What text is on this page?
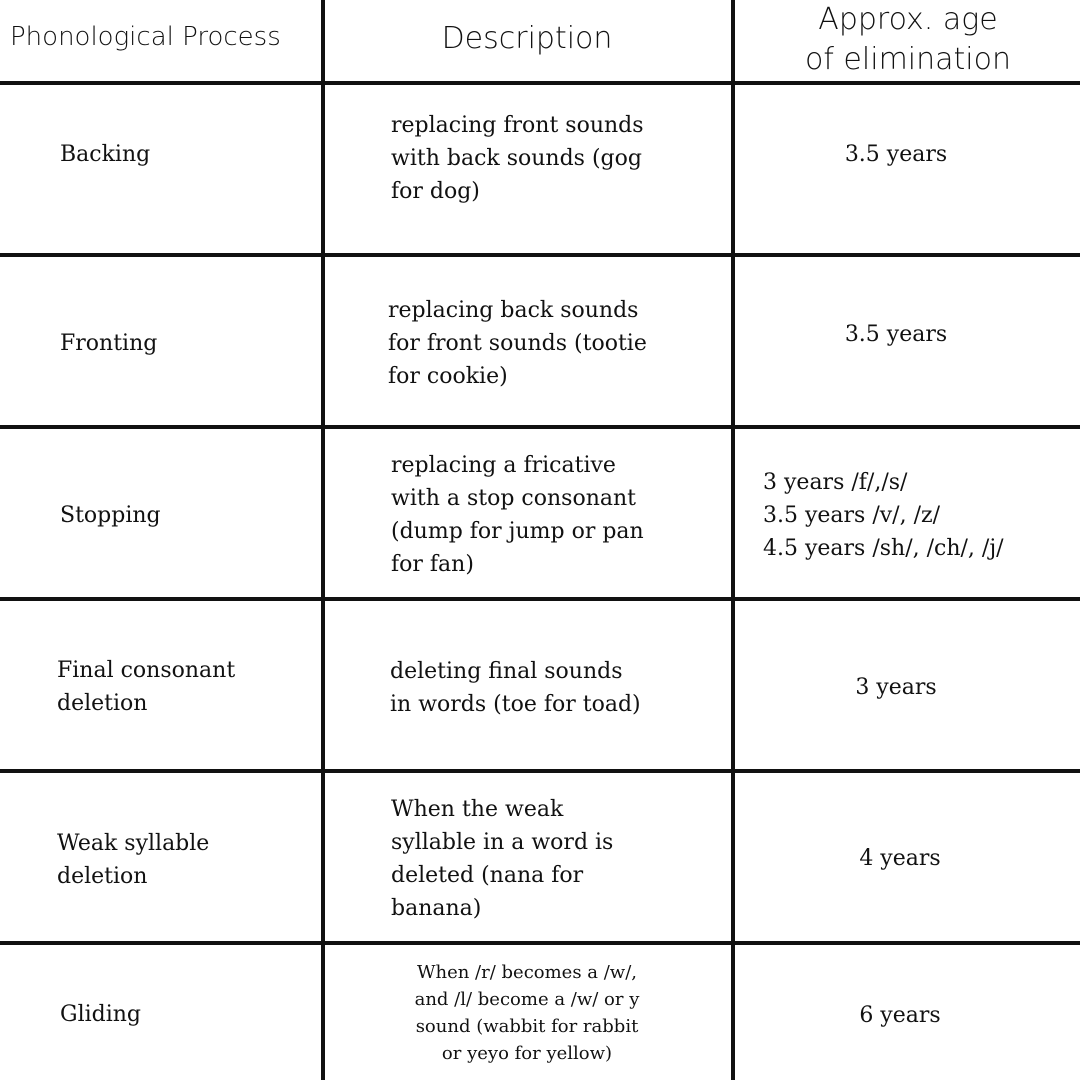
Phonological Process	Description
Approx. age
of elimination
Backing
replacing front sounds
with back sounds (gog
for dog)
3.5 years
Fronting
replacing back sounds
for front sounds (tootie
for cookie)
3.5 years
Stopping
replacing a fricative
with a stop consonant
(dump for jump or pan
for fan)
3 years /f/,/s/
3.5 years /v/, /z/
4.5 years /sh/, /ch/, /j/
Final consonant
deletion
deleting final sounds
in words (toe for toad)
3 years
Weak syllable
deletion
When the weak
syllable in a word is
deleted (nana for
banana)
4 years
Gliding
When /r/ becomes a /w/,
and /l/ become a /w/ or y
sound (wabbit for rabbit
or yeyo for yellow)
6 years
